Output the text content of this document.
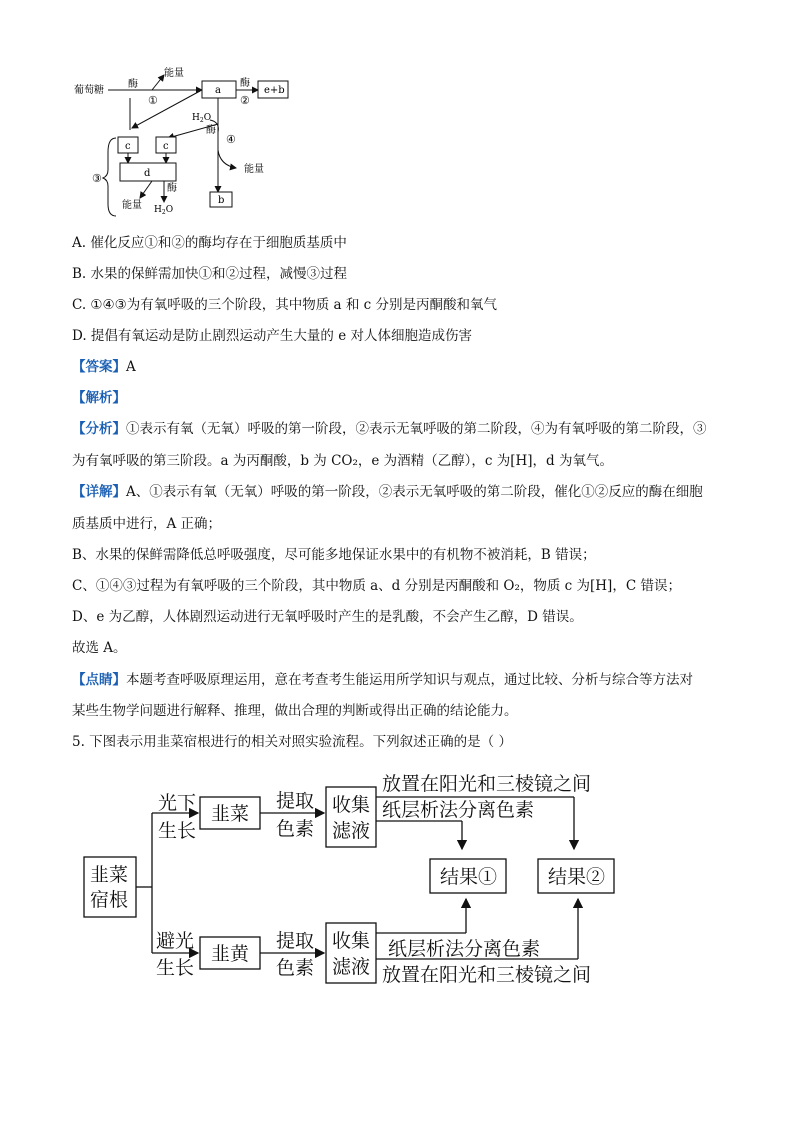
葡萄糖
能量
酶
①
a
酶
②
e+b
$H_2O$
酶
④
能量
b
c	c
d
酶
能量 $H_2O$
③
A. 催化反应①和②的酶均存在于细胞质基质中
B. 水果的保鲜需加快①和②过程，减慢③过程
C. ①④③为有氧呼吸的三个阶段，其中物质 a 和 c 分别是丙酮酸和氧气
D. 提倡有氧运动是防止剧烈运动产生大量的 e 对人体细胞造成伤害
【答案】A
【解析】
【分析】①表示有氧（无氧）呼吸的第一阶段，②表示无氧呼吸的第二阶段，④为有氧呼吸的第二阶段，③
为有氧呼吸的第三阶段。a 为丙酮酸，b 为 CO₂，e 为酒精（乙醇），c 为[H]，d 为氧气。
【详解】A、①表示有氧（无氧）呼吸的第一阶段，②表示无氧呼吸的第二阶段，催化①②反应的酶在细胞
质基质中进行，A 正确；
B、水果的保鲜需降低总呼吸强度，尽可能多地保证水果中的有机物不被消耗，B 错误；
C、①④③过程为有氧呼吸的三个阶段，其中物质 a、d 分别是丙酮酸和 O₂，物质 c 为[H]，C 错误；
D、e 为乙醇，人体剧烈运动进行无氧呼吸时产生的是乳酸，不会产生乙醇，D 错误。
故选 A。
【点睛】本题考查呼吸原理运用，意在考查考生能运用所学知识与观点，通过比较、分析与综合等方法对
某些生物学问题进行解释、推理，做出合理的判断或得出正确的结论能力。
5. 下图表示用韭菜宿根进行的相关对照实验流程。下列叙述正确的是（ ）
韭菜
宿根
光下
生长
避光
生长
韭菜
韭黄
提取
色素
提取
色素
收集
滤液
收集
滤液
放置在阳光和三棱镜之间
纸层析法分离色素
纸层析法分离色素
放置在阳光和三棱镜之间
结果①	结果②
